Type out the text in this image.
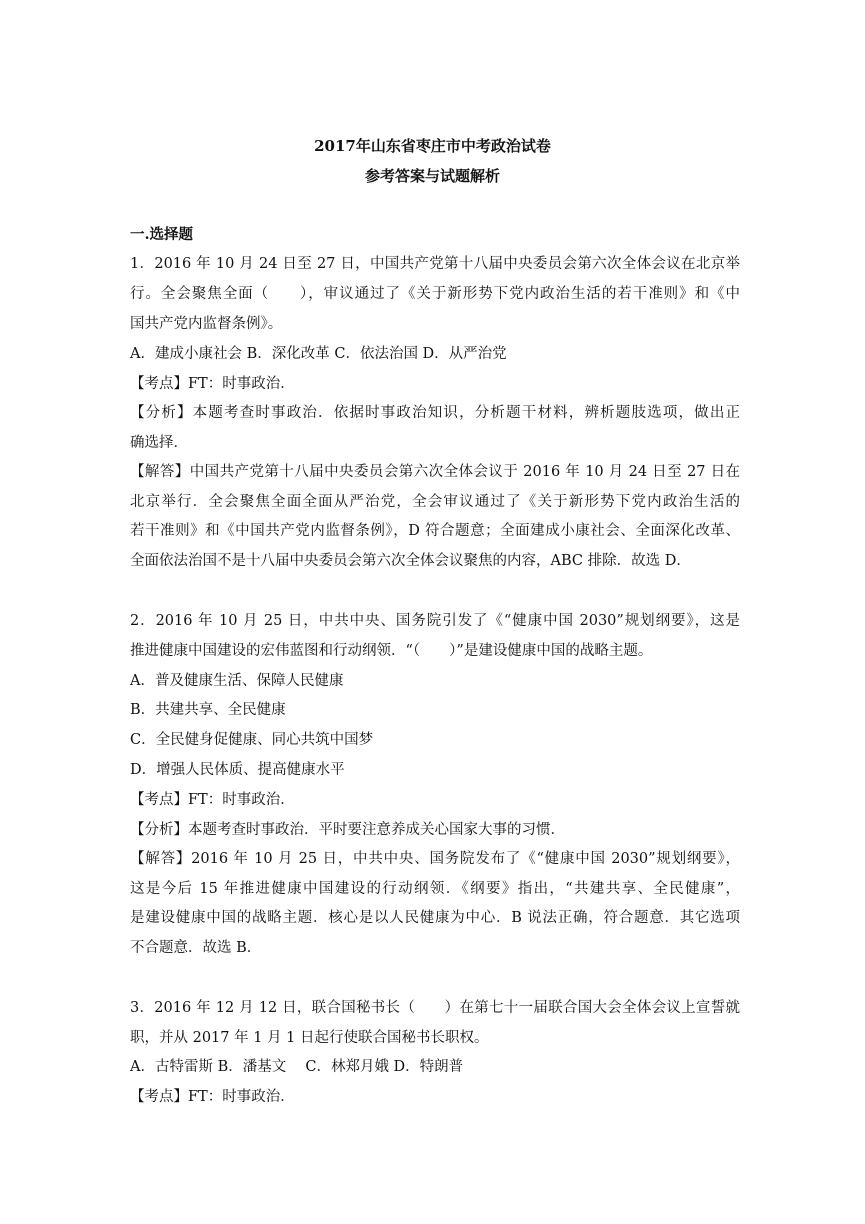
2017年山东省枣庄市中考政治试卷
参考答案与试题解析
一.选择题
1．2016 年 10 月 24 日至 27 日，中国共产党第十八届中央委员会第六次全体会议在北京举
行。全会聚焦全面（　　），审议通过了《关于新形势下党内政治生活的若干准则》和《中
国共产党内监督条例》。
A．建成小康社会 B．深化改革 C．依法治国 D．从严治党
【考点】FT：时事政治．
【分析】本题考查时事政治．依据时事政治知识，分析题干材料，辨析题肢选项，做出正
确选择．
【解答】中国共产党第十八届中央委员会第六次全体会议于 2016 年 10 月 24 日至 27 日在
北京举行．全会聚焦全面全面从严治党，全会审议通过了《关于新形势下党内政治生活的
若干准则》和《中国共产党内监督条例》，D 符合题意；全面建成小康社会、全面深化改革、
全面依法治国不是十八届中央委员会第六次全体会议聚焦的内容，ABC 排除．故选 D．
2．2016 年 10 月 25 日，中共中央、国务院引发了《“健康中国 2030”规划纲要》，这是
推进健康中国建设的宏伟蓝图和行动纲领．“（　　）”是建设健康中国的战略主题。
A．普及健康生活、保障人民健康
B．共建共享、全民健康
C．全民健身促健康、同心共筑中国梦
D．增强人民体质、提高健康水平
【考点】FT：时事政治．
【分析】本题考查时事政治．平时要注意养成关心国家大事的习惯．
【解答】2016 年 10 月 25 日，中共中央、国务院发布了《“健康中国 2030”规划纲要》，
这是今后 15 年推进健康中国建设的行动纲领．《纲要》指出，“共建共享、全民健康”，
是建设健康中国的战略主题．核心是以人民健康为中心．B 说法正确，符合题意．其它选项
不合题意．故选 B．
3．2016 年 12 月 12 日，联合国秘书长（　　）在第七十一届联合国大会全体会议上宣誓就
职，并从 2017 年 1 月 1 日起行使联合国秘书长职权。
A．古特雷斯 B．潘基文　 C．林郑月娥 D．特朗普
【考点】FT：时事政治．
